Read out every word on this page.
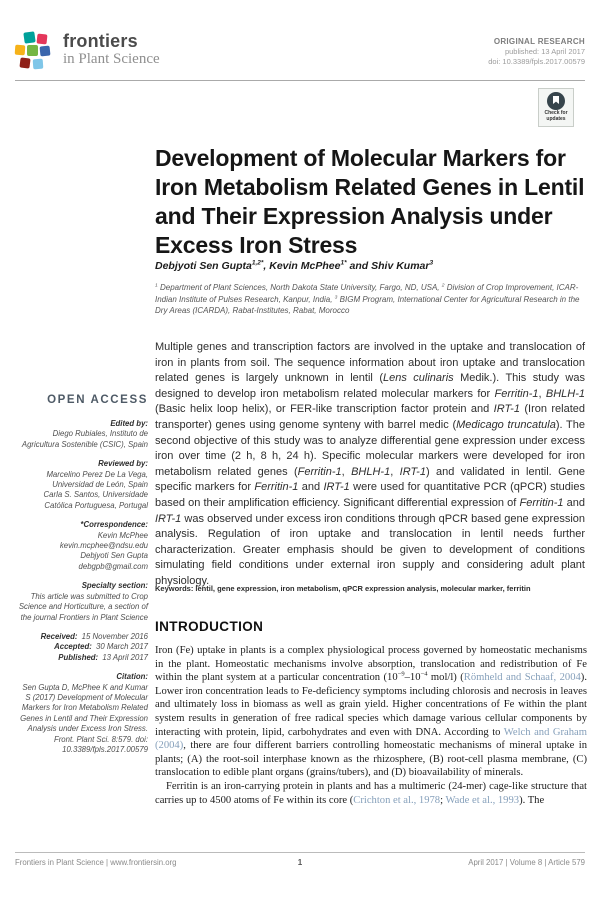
frontiers
in Plant Science
ORIGINAL RESEARCH
published: 13 April 2017
doi: 10.3389/fpls.2017.00579
Check for
updates
Development of Molecular Markers for Iron Metabolism Related Genes in Lentil and Their Expression Analysis under Excess Iron Stress
Debjyoti Sen Gupta$^{1,2*}$, Kevin McPhee$^{1*}$ and Shiv Kumar$^3$
$^1$ Department of Plant Sciences, North Dakota State University, Fargo, ND, USA, $^2$ Division of Crop Improvement, ICAR-Indian Institute of Pulses Research, Kanpur, India, $^3$ BIGM Program, International Center for Agricultural Research in the Dry Areas (ICARDA), Rabat-Institutes, Rabat, Morocco
Multiple genes and transcription factors are involved in the uptake and translocation of iron in plants from soil. The sequence information about iron uptake and translocation related genes is largely unknown in lentil (Lens culinaris Medik.). This study was designed to develop iron metabolism related molecular markers for Ferritin-1, BHLH-1 (Basic helix loop helix), or FER-like transcription factor protein and IRT-1 (Iron related transporter) genes using genome synteny with barrel medic (Medicago truncatula). The second objective of this study was to analyze differential gene expression under excess iron over time (2 h, 8 h, 24 h). Specific molecular markers were developed for iron metabolism related genes (Ferritin-1, BHLH-1, IRT-1) and validated in lentil. Gene specific markers for Ferritin-1 and IRT-1 were used for quantitative PCR (qPCR) studies based on their amplification efficiency. Significant differential expression of Ferritin-1 and IRT-1 was observed under excess iron conditions through qPCR based gene expression analysis. Regulation of iron uptake and translocation in lentil needs further characterization. Greater emphasis should be given to development of conditions simulating field conditions under external iron supply and considering adult plant physiology.
Keywords: lentil, gene expression, iron metabolism, qPCR expression analysis, molecular marker, ferritin
OPEN ACCESS
Edited by:
Diego Rubiales, Instituto de Agricultura Sostenible (CSIC), Spain
Reviewed by:
Marcelino Perez De La Vega, Universidad de León, Spain
Carla S. Santos, Universidade Católica Portuguesa, Portugal
*Correspondence:
Kevin McPhee
kevin.mcphee@ndsu.edu
Debjyoti Sen Gupta
debgpb@gmail.com
Specialty section:
This article was submitted to Crop Science and Horticulture, a section of the journal Frontiers in Plant Science
Received: 15 November 2016
Accepted: 30 March 2017
Published: 13 April 2017
Citation:
Sen Gupta D, McPhee K and Kumar S (2017) Development of Molecular Markers for Iron Metabolism Related Genes in Lentil and Their Expression Analysis under Excess Iron Stress. Front. Plant Sci. 8:579. doi: 10.3389/fpls.2017.00579
INTRODUCTION

Iron (Fe) uptake in plants is a complex physiological process governed by homeostatic mechanisms in the plant. Homeostatic mechanisms involve absorption, translocation and redistribution of Fe within the plant system at a particular concentration ($10^{-9}-10^{-4}$ mol/l) (Römheld and Schaaf, 2004). Lower iron concentration leads to Fe-deficiency symptoms including chlorosis and necrosis in leaves and ultimately loss in biomass as well as grain yield. Higher concentrations of Fe within the plant system results in generation of free radical species which damage various cellular components by interacting with protein, lipid, carbohydrates and even with DNA. According to Welch and Graham (2004), there are four different barriers controlling homeostatic mechanisms of mineral uptake in plants; (A) the root-soil interphase known as the rhizosphere, (B) root-cell plasma membrane, (C) translocation to edible plant organs (grains/tubers), and (D) bioavailability of minerals.

Ferritin is an iron-carrying protein in plants and has a multimeric (24-mer) cage-like structure that carries up to 4500 atoms of Fe within its core (Crichton et al., 1978; Wade et al., 1993). The

Frontiers in Plant Science | www.frontiersin.org	1	April 2017 | Volume 8 | Article 579
